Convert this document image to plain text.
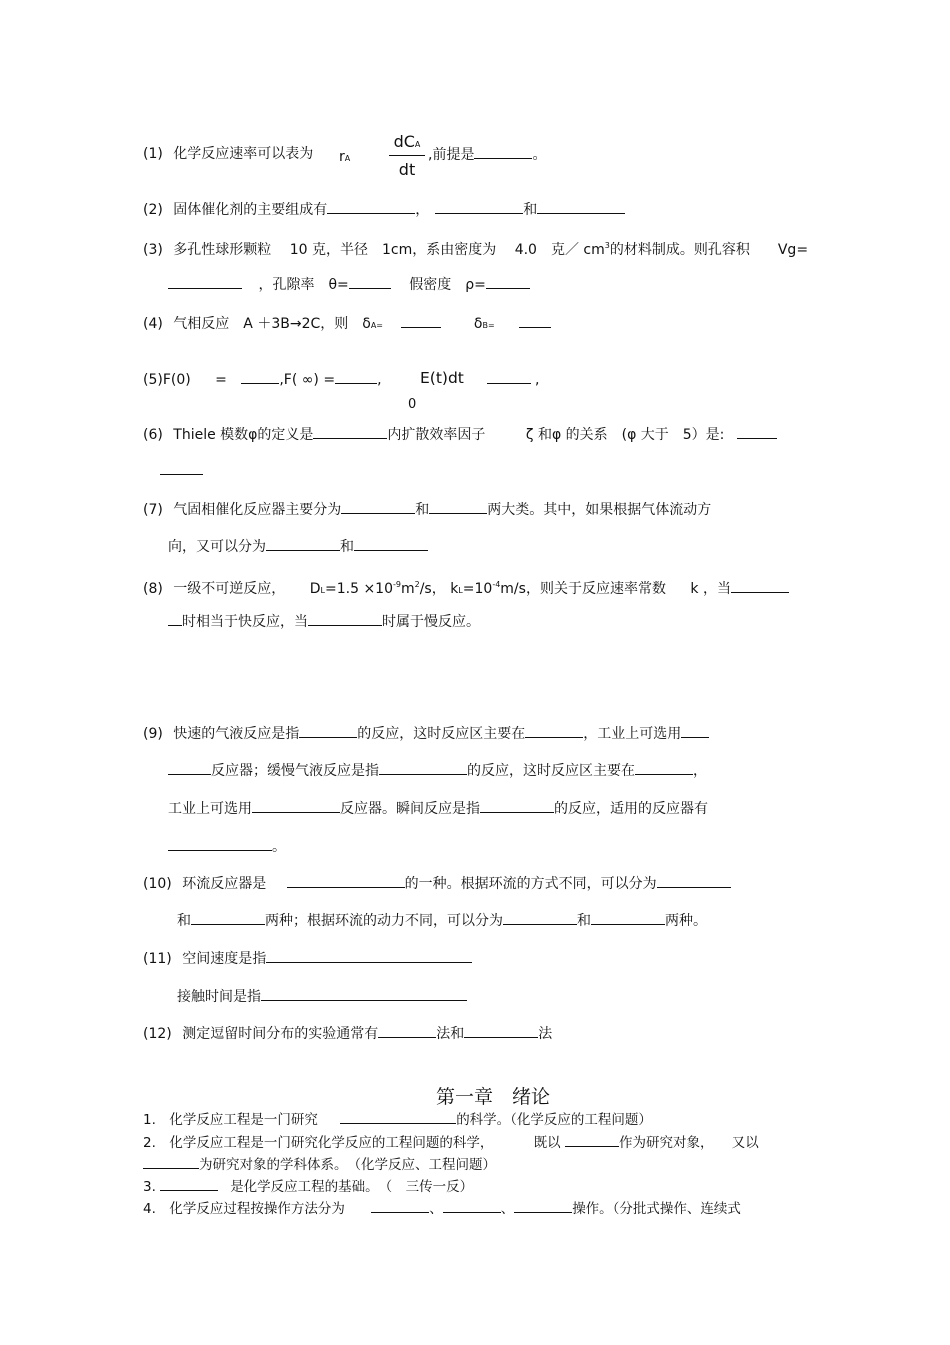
(1) 化学反应速率可以表为 rA
dCA
dt
,前提是	。
(2) 固体催化剂的主要组成有	，	和
(3) 多孔性球形颗粒　 10 克，半径　1cm，系由密度为　 4.0　克／ $cm^3$的材料制成。则孔容积　　Vg=
，孔隙率　θ=	假密度　ρ=
(4) 气相反应　A ＋3B→2C，则　δA=	δB=
(5)F(0) =	,F( ∞) =	, E(t)dt	,
0
(6) Thiele 模数φ的定义是	内扩散效率因子	ζ 和φ 的关系　(φ 大于　5）是:
(7) 气固相催化反应器主要分为	和	两大类。其中，如果根据气体流动方
向，又可以分为	和
(8) 一级不可逆反应， $DL=1.5 \times 10^{-9}m^2/s$， $kL=10^{-4}m/s$，则关于反应速率常数 k ，当
时相当于快反应，当	时属于慢反应。
(9) 快速的气液反应是指	的反应，这时反应区主要在	，工业上可选用
反应器；缓慢气液反应是指	的反应，这时反应区主要在	，
工业上可选用	反应器。瞬间反应是指	的反应，适用的反应器有
。
(10) 环流反应器是	的一种。根据环流的方式不同，可以分为
和	两种；根据环流的动力不同，可以分为	和	两种。
(11) 空间速度是指
接触时间是指
(12) 测定逗留时间分布的实验通常有	法和	法
第一章　绪论
1.　化学反应工程是一门研究	的科学。（化学反应的工程问题）
2.　化学反应工程是一门研究化学反应的工程问题的科学，	既以	作为研究对象， 又以
为研究对象的学科体系。　（化学反应、工程问题）
3.	是化学反应工程的基础。　（　三传一反）
4.　化学反应过程按操作方法分为	、	、	操作。（分批式操作、连续式
